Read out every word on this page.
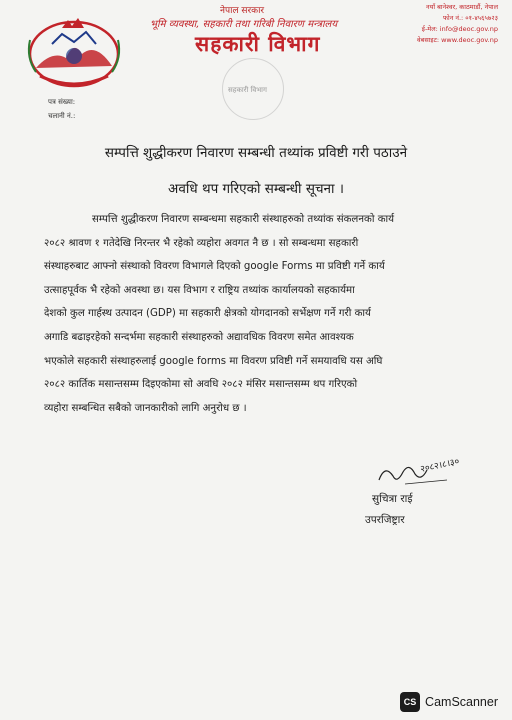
नेपाल सरकार
भूमि व्यवस्था, सहकारी तथा गरिबी निवारण मन्त्रालय
सहकारी विभाग
सहकारी विभाग
नयाँ बानेश्वर, काठमाडौं, नेपाल
फोन नं.: ०१-४५६५७२३
ई-मेल: info@deoc.gov.np
वेबसाइट: www.deoc.gov.np
पत्र संख्या:
चलानी नं.:
सम्पत्ति शुद्धीकरण निवारण सम्बन्धी तथ्यांक प्रविष्टी गरी पठाउने
अवधि थप गरिएको सम्बन्धी सूचना ।
सम्पत्ति शुद्धीकरण निवारण सम्बन्धमा सहकारी संस्थाहरुको तथ्यांक संकलनको कार्य
२०८२ श्रावण १ गतेदेखि निरन्तर भै रहेको व्यहोरा अवगत नै छ । सो सम्बन्धमा सहकारी
संस्थाहरुबाट आफ्नो संस्थाको विवरण विभागले दिएको google Forms मा प्रविष्टी गर्ने कार्य
उत्साहपूर्वक भै रहेको अवस्था छ। यस विभाग र राष्ट्रिय तथ्यांक कार्यालयको सहकार्यमा
देशको कुल गार्हस्थ उत्पादन (GDP) मा सहकारी क्षेत्रको योगदानको सर्भेक्षण गर्ने गरी कार्य
अगाडि बढाइरहेको सन्दर्भमा सहकारी संस्थाहरुको अद्यावधिक विवरण समेत आवश्यक
भएकोले सहकारी संस्थाहरुलाई google forms मा विवरण प्रविष्टी गर्ने समयावधि यस अघि
२०८२ कार्तिक मसान्तसम्म दिइएकोमा सो अवधि २०८२ मंसिर मसान्तसम्म थप गरिएको
व्यहोरा सम्बन्धित सबैको जानकारीको लागि अनुरोध छ ।
२०८२।८।३०
सुचित्रा राई
उपरजिष्ट्रार
CS CamScanner
